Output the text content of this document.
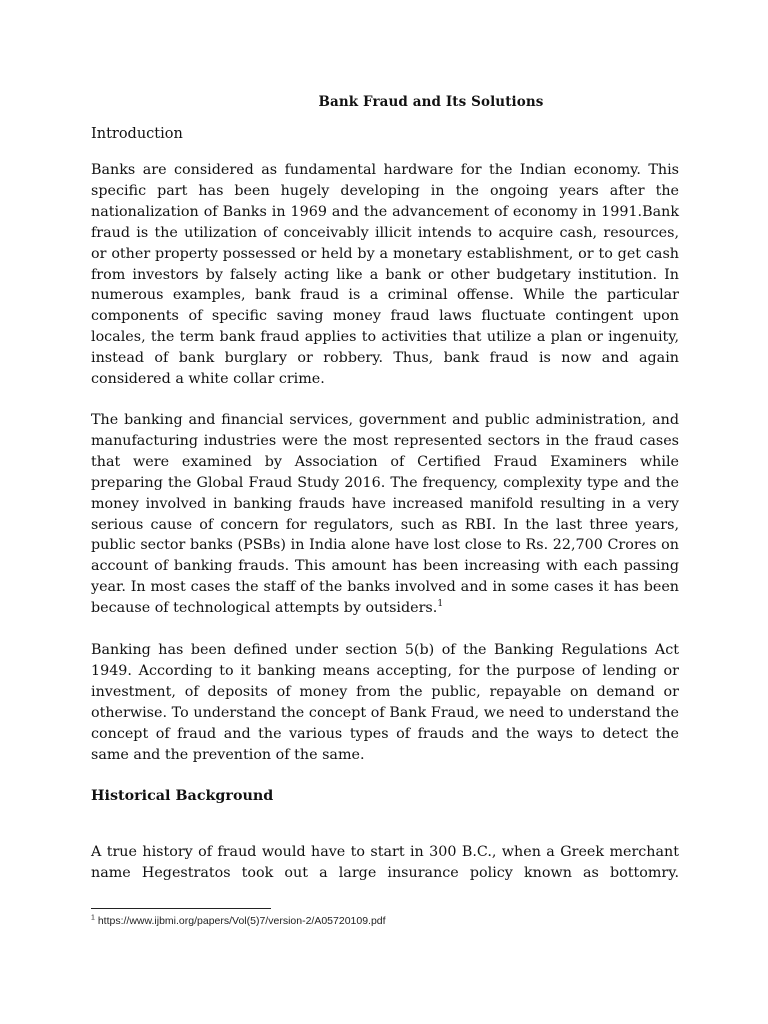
Bank Fraud and Its Solutions
Introduction

Banks are considered as fundamental hardware for the Indian economy. This specific part has been hugely developing in the ongoing years after the nationalization of Banks in 1969 and the advancement of economy in 1991.Bank fraud is the utilization of conceivably illicit intends to acquire cash, resources, or other property possessed or held by a monetary establishment, or to get cash from investors by falsely acting like a bank or other budgetary institution. In numerous examples, bank fraud is a criminal offense. While the particular components of specific saving money fraud laws fluctuate contingent upon locales, the term bank fraud applies to activities that utilize a plan or ingenuity, instead of bank burglary or robbery. Thus, bank fraud is now and again considered a white collar crime.

The banking and financial services, government and public administration, and manufacturing industries were the most represented sectors in the fraud cases that were examined by Association of Certified Fraud Examiners while preparing the Global Fraud Study 2016. The frequency, complexity type and the money involved in banking frauds have increased manifold resulting in a very serious cause of concern for regulators, such as RBI. In the last three years, public sector banks (PSBs) in India alone have lost close to Rs. 22,700 Crores on account of banking frauds. This amount has been increasing with each passing year. In most cases the staff of the banks involved and in some cases it has been because of technological attempts by outsiders.$^1$

Banking has been defined under section 5(b) of the Banking Regulations Act 1949. According to it banking means accepting, for the purpose of lending or investment, of deposits of money from the public, repayable on demand or otherwise. To understand the concept of Bank Fraud, we need to understand the concept of fraud and the various types of frauds and the ways to detect the same and the prevention of the same.

Historical Background

A true history of fraud would have to start in 300 B.C., when a Greek merchant name Hegestratos took out a large insurance policy known as bottomry.

$^1$ https://www.ijbmi.org/papers/Vol(5)7/version-2/A05720109.pdf
